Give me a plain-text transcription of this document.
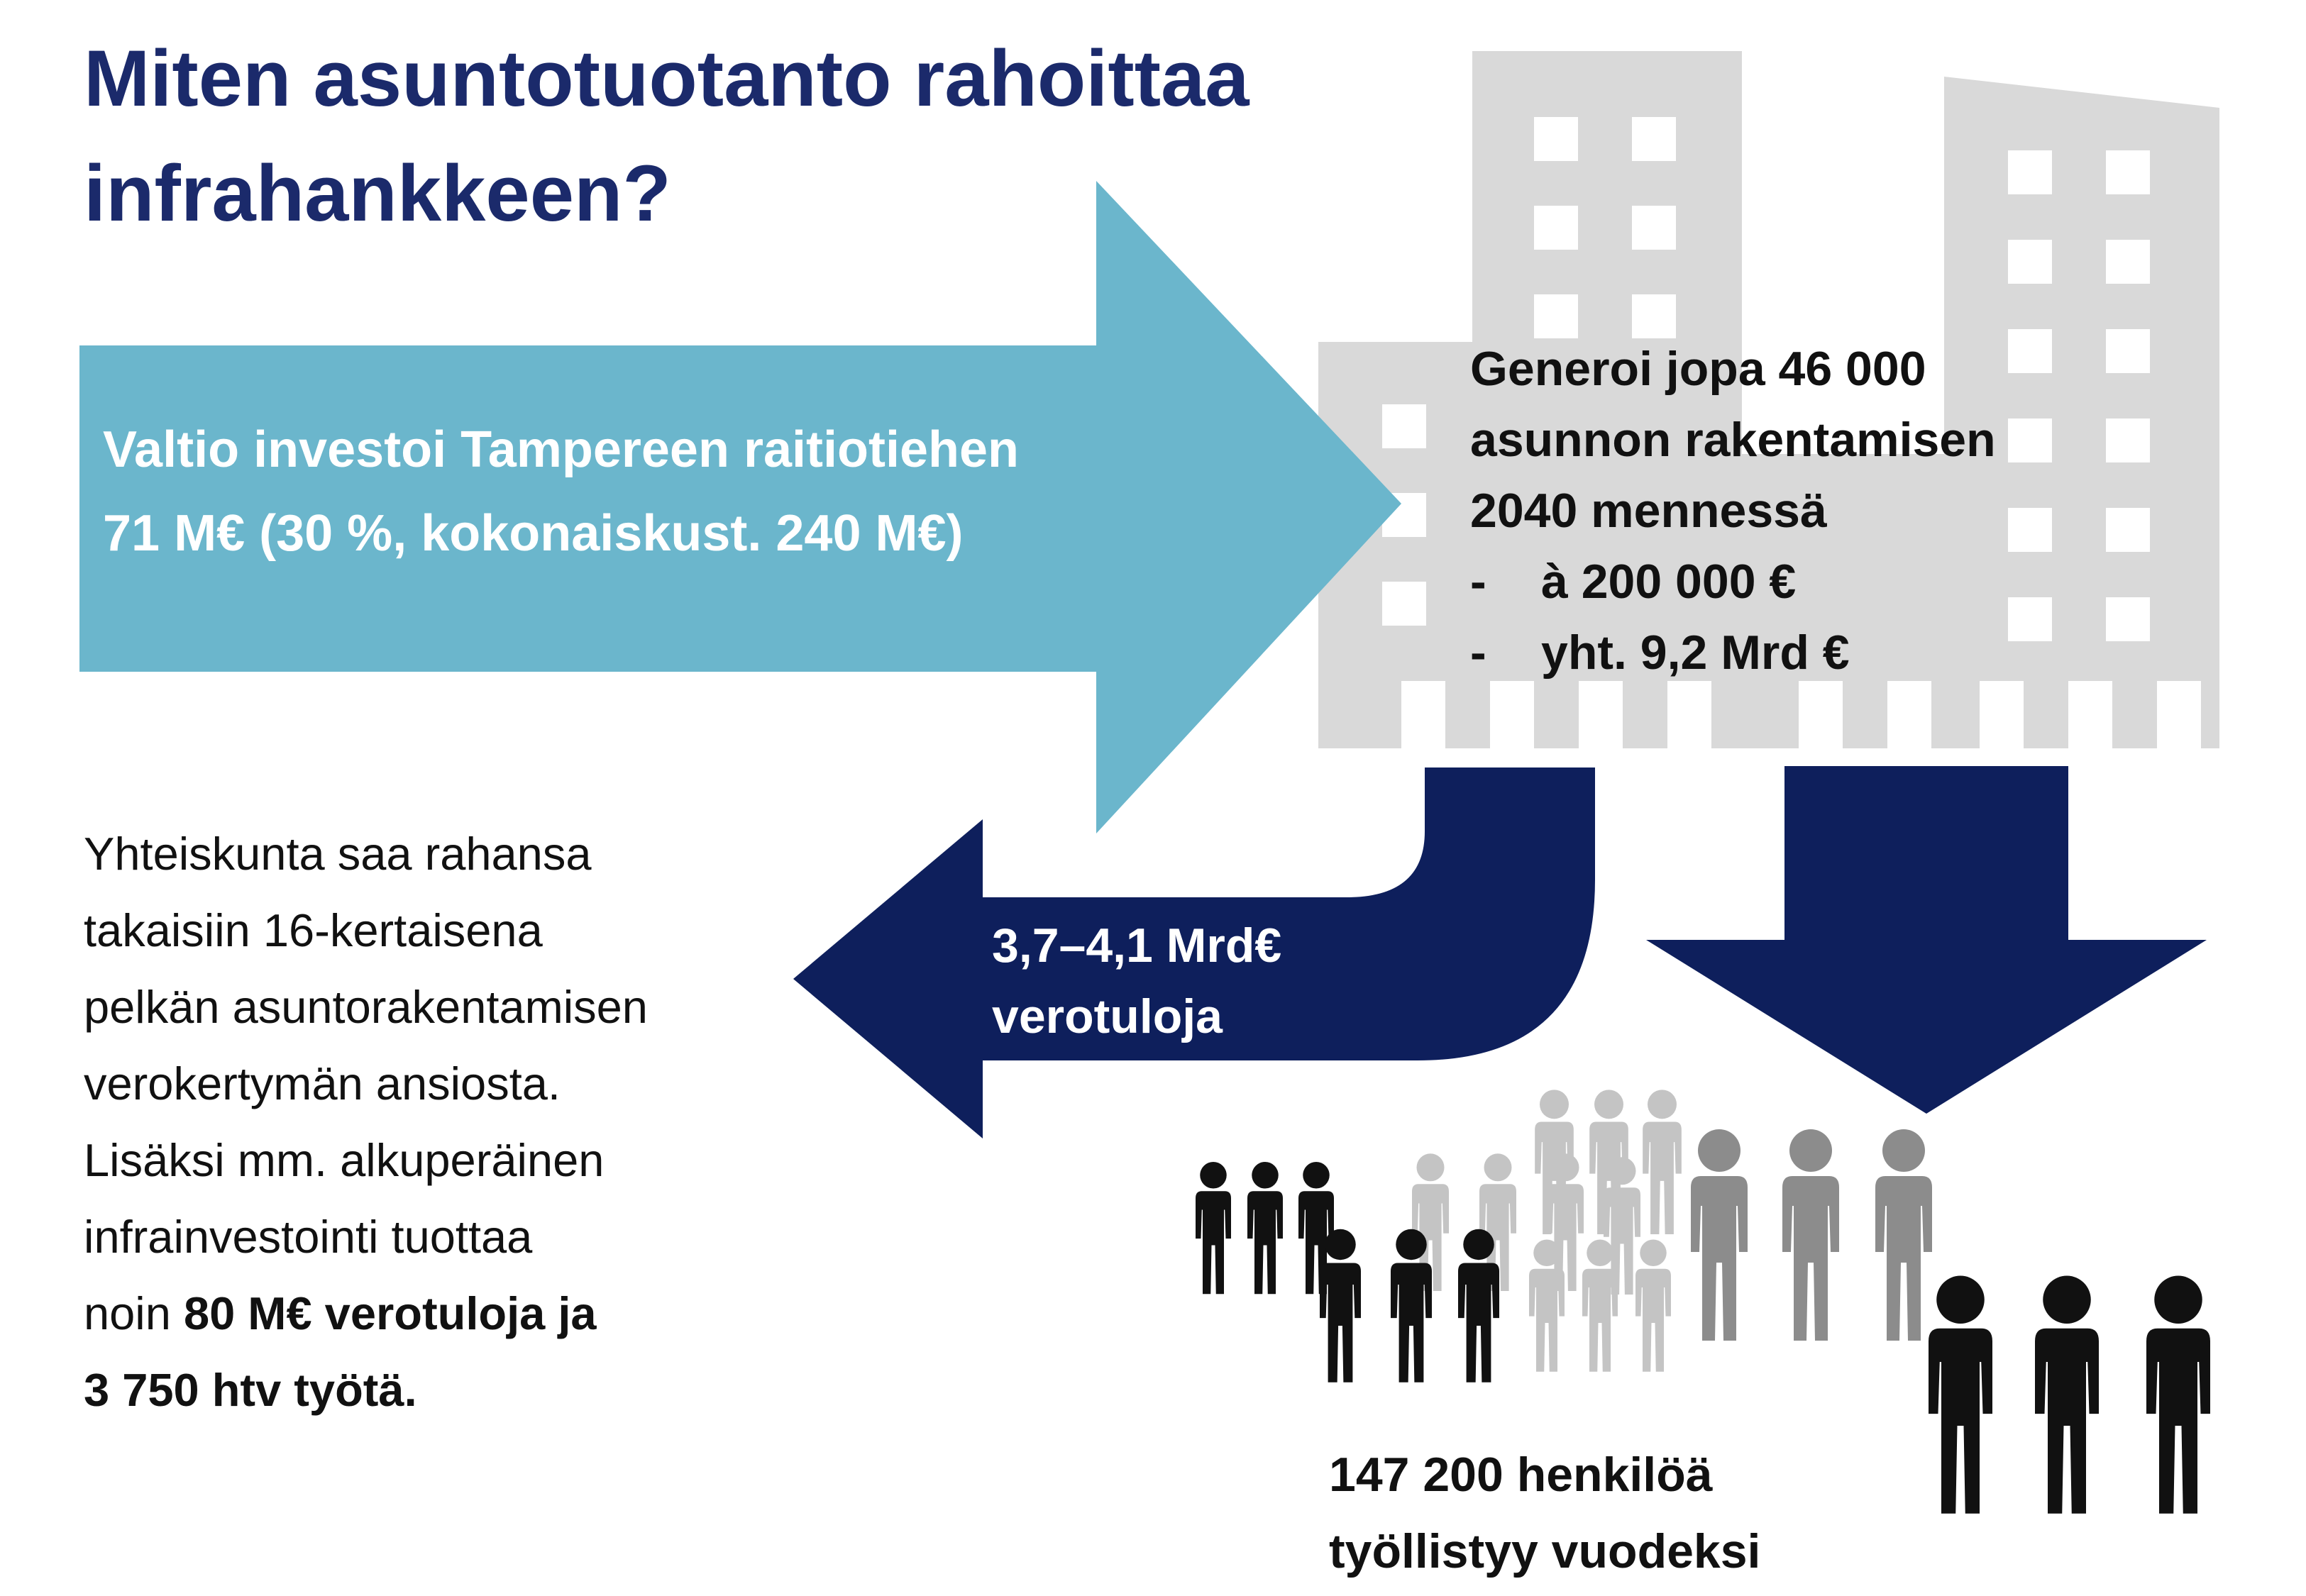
Miten asuntotuotanto rahoittaa
infrahankkeen?
Valtio investoi Tampereen raitiotiehen
71 M€ (30 %, kokonaiskust. 240 M€)
Generoi jopa 46 000
asunnon rakentamisen
2040 mennessä
- à 200 000 €
- yht. 9,2 Mrd €
3,7–4,1 Mrd€
verotuloja
Yhteiskunta saa rahansa
takaisiin 16-kertaisena
pelkän asuntorakentamisen
verokertymän ansiosta.
Lisäksi mm. alkuperäinen
infrainvestointi tuottaa
noin 80 M€ verotuloja ja
3 750 htv työtä.
147 200 henkilöä
työllistyy vuodeksi
